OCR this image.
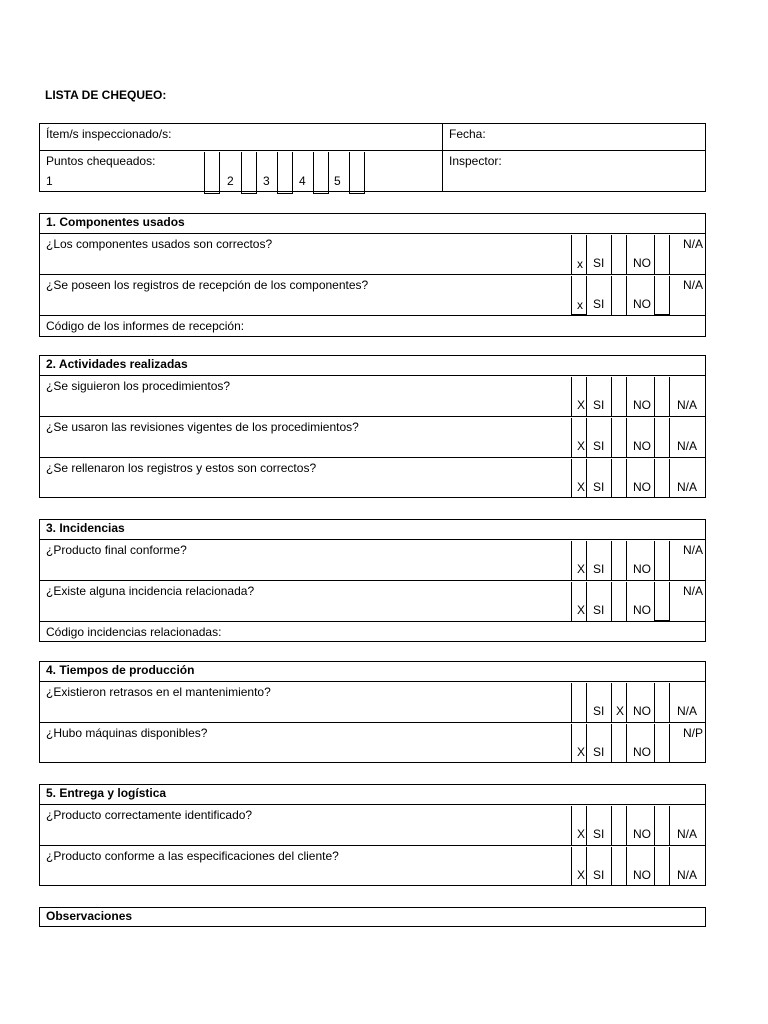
LISTA DE CHEQUEO:
Ítem/s inspeccionado/s:	Fecha:
Puntos chequeados:
1	2 3 4 5
Inspector:
1. Componentes usados
¿Los componentes usados son correctos?
x SI NO
N/A
¿Se poseen los registros de recepción de los componentes?
x SI NO
N/A
Código de los informes de recepción:
2. Actividades realizadas
¿Se siguieron los procedimientos?
X SI NO N/A
¿Se usaron las revisiones vigentes de los procedimientos?
X SI NO N/A
¿Se rellenaron los registros y estos son correctos?
X SI NO N/A
3. Incidencias
¿Producto final conforme?
X SI NO
N/A
¿Existe alguna incidencia relacionada?
X SI NO
N/A
Código incidencias relacionadas:
4. Tiempos de producción
¿Existieron retrasos en el mantenimiento?
SI X NO N/A
¿Hubo máquinas disponibles?
X SI NO
N/P
5. Entrega y logística
¿Producto correctamente identificado?
X SI NO N/A
¿Producto conforme a las especificaciones del cliente?
X SI NO N/A
Observaciones
